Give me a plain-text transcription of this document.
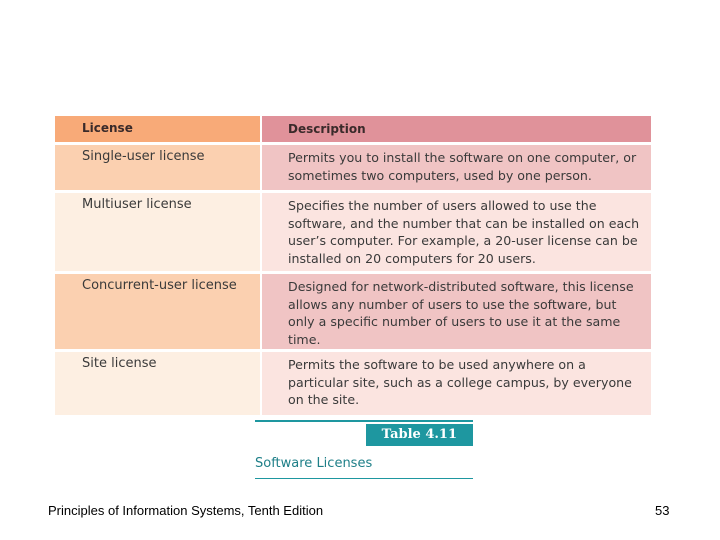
License	Description
Single-user license	Permits you to install the software on one computer, or sometimes two computers, used by one person.
Multiuser license	Specifies the number of users allowed to use the software, and the number that can be installed on each user’s computer. For example, a 20-user license can be installed on 20 computers for 20 users.
Concurrent-user license	Designed for network-distributed software, this license allows any number of users to use the software, but only a specific number of users to use it at the same time.
Site license	Permits the software to be used anywhere on a particular site, such as a college campus, by everyone on the site.
Table 4.11
Software Licenses
Principles of Information Systems, Tenth Edition	53
